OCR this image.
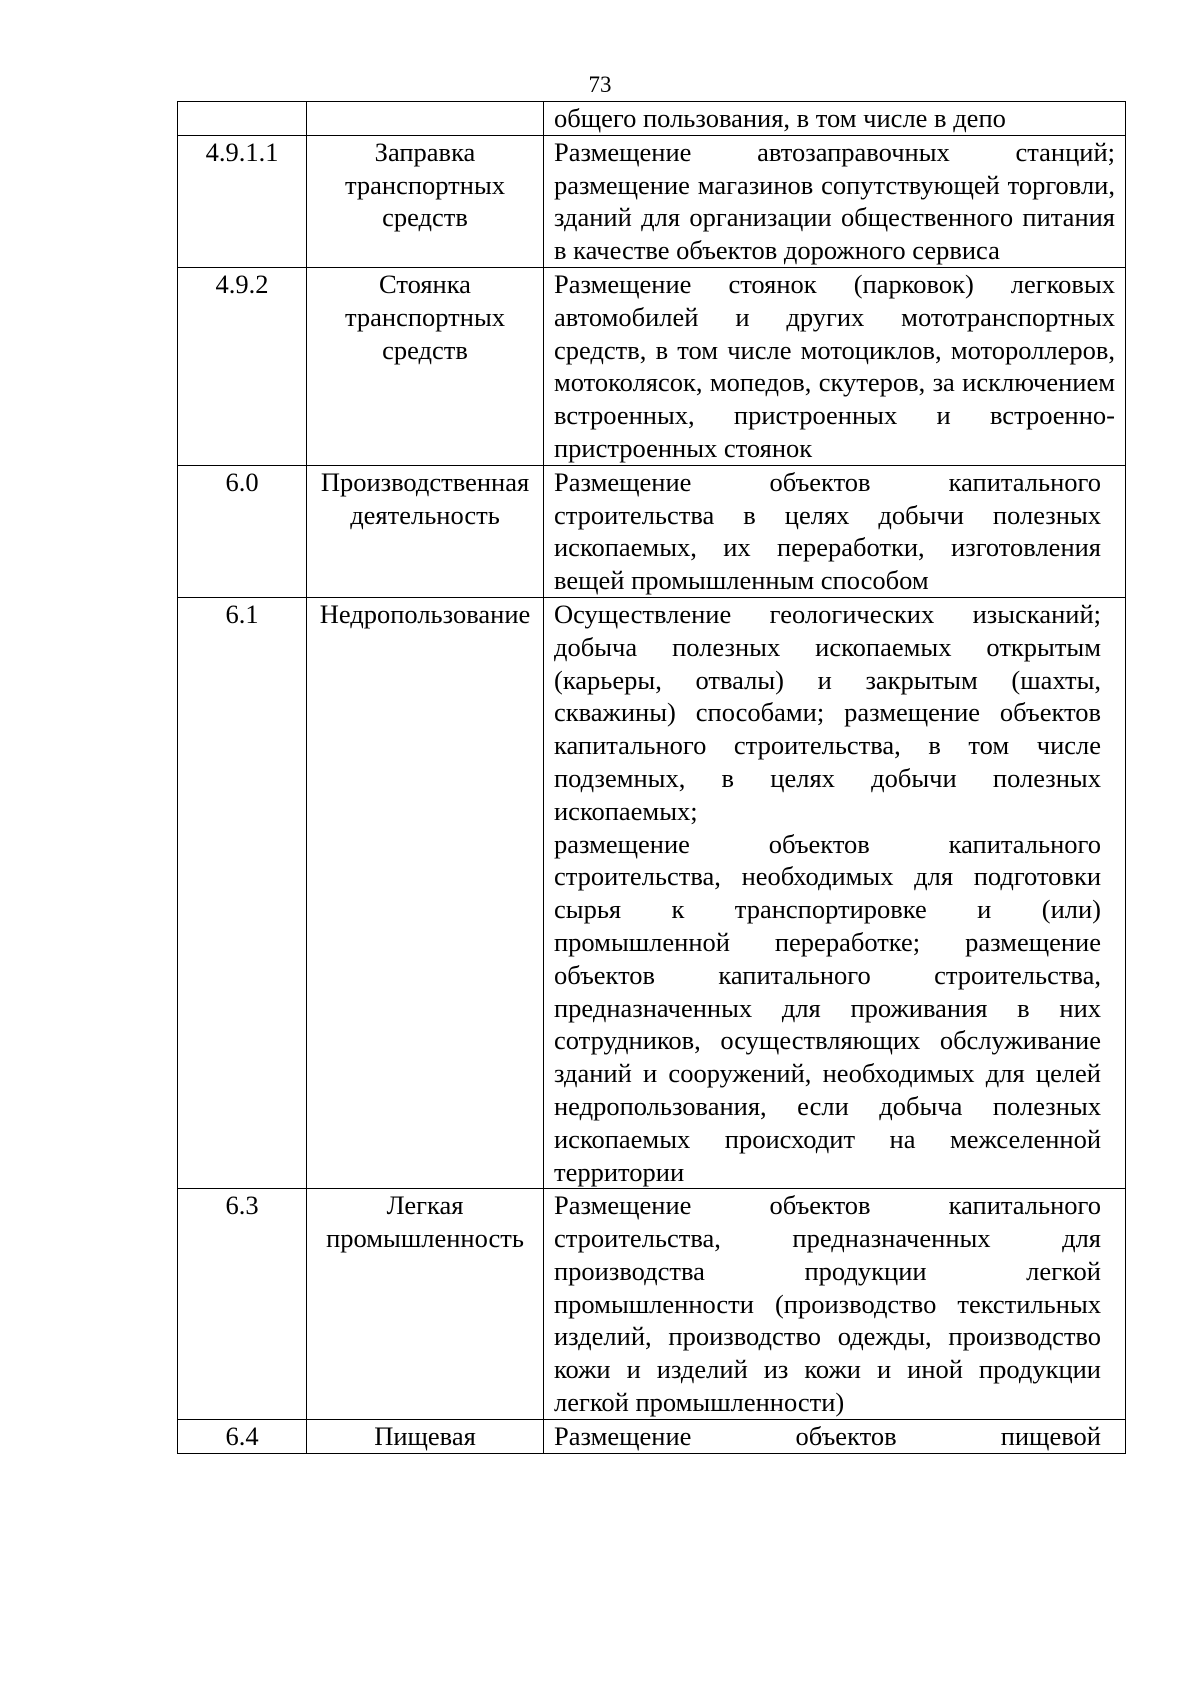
73

		общего пользования, в том числе в депо

4.9.1.1	Заправка транспортных средств	Размещение автозаправочных станций; размещение магазинов сопутствующей торговли, зданий для организации общественного питания в качестве объектов дорожного сервиса

4.9.2	Стоянка транспортных средств	Размещение стоянок (парковок) легковых автомобилей и других мототранспортных средств, в том числе мотоциклов, мотороллеров, мотоколясок, мопедов, скутеров, за исключением встроенных, пристроенных и встроенно-пристроенных стоянок

6.0	Производственная деятельность	Размещение объектов капитального строительства в целях добычи полезных ископаемых, их переработки, изготовления вещей промышленным способом

6.1	Недропользование	Осуществление геологических изысканий; добыча полезных ископаемых открытым (карьеры, отвалы) и закрытым (шахты, скважины) способами; размещение объектов капитального строительства, в том числе подземных, в целях добычи полезных ископаемых;
размещение объектов капитального строительства, необходимых для подготовки сырья к транспортировке и (или) промышленной переработке; размещение объектов капитального строительства, предназначенных для проживания в них сотрудников, осуществляющих обслуживание зданий и сооружений, необходимых для целей недропользования, если добыча полезных ископаемых происходит на межселенной территории

6.3	Легкая промышленность	Размещение объектов капитального строительства, предназначенных для производства продукции легкой промышленности (производство текстильных изделий, производство одежды, производство кожи и изделий из кожи и иной продукции легкой промышленности)

6.4	Пищевая	Размещение объектов пищевой
